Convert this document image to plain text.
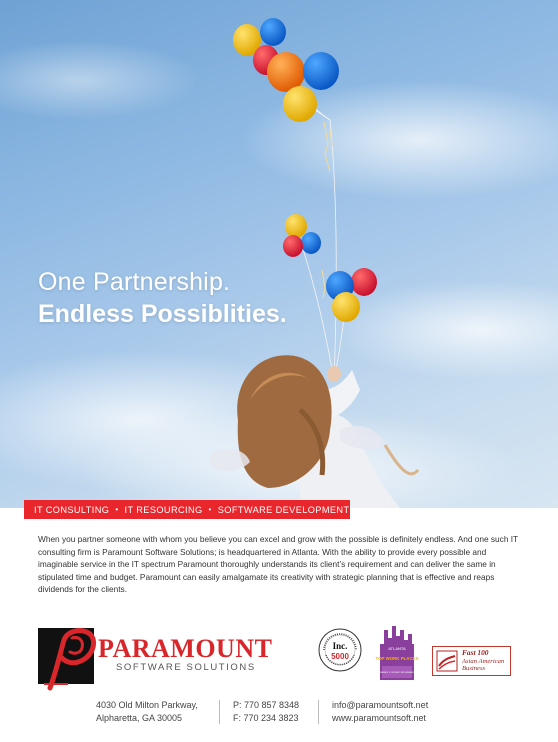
One Partnership.
Endless Possiblities.
IT CONSULTING • IT RESOURCING • SOFTWARE DEVELOPMENT

When you partner someone with whom you believe you can excel and grow with the possible is definitely endless. And one such IT consulting firm is Paramount Software Solutions; is headquartered in Atlanta. With the ability to provide every possible and imaginable service in the IT spectrum Paramount thoroughly understands its client’s requirement and can deliver the same in stipulated time and budget. Paramount can easily amalgamate its creativity with strategic planning that is effective and reaps dividends for the clients.

PARAMOUNT
SOFTWARE SOLUTIONS
Inc.
5000
ATLANTA
TOP WORK PLACES
COMPANIES TO WORK FOR WINNER 2015
Fast 100
Asian American
Business
4030 Old Milton Parkway,
Alpharetta, GA 30005
P: 770 857 8348
F: 770 234 3823
info@paramountsoft.net
www.paramountsoft.net
